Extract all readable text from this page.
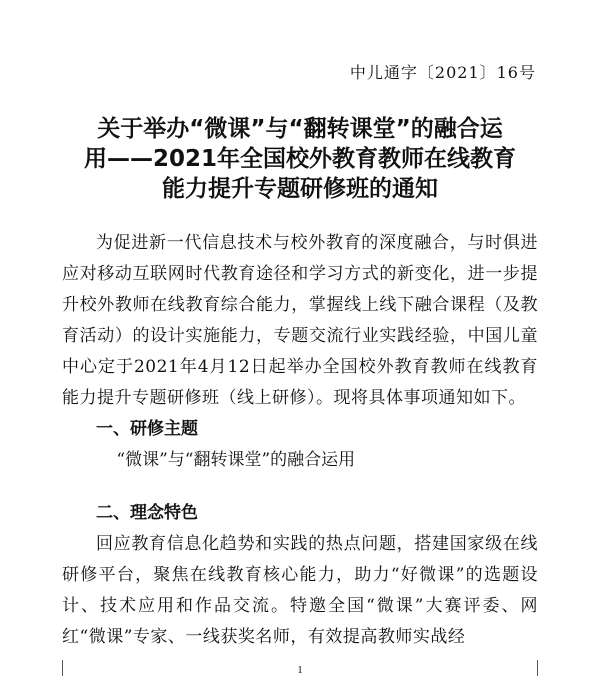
中儿通字〔2021〕16号
关于举办“微课”与“翻转课堂”的融合运
用——2021年全国校外教育教师在线教育
能力提升专题研修班的通知

为促进新一代信息技术与校外教育的深度融合，与时俱进应对移动互联网时代教育途径和学习方式的新变化，进一步提升校外教师在线教育综合能力，掌握线上线下融合课程（及教育活动）的设计实施能力，专题交流行业实践经验，中国儿童中心定于2021年4月12日起举办全国校外教育教师在线教育能力提升专题研修班（线上研修）。现将具体事项通知如下。

一、研修主题

“微课”与“翻转课堂”的融合运用

二、理念特色

回应教育信息化趋势和实践的热点问题，搭建国家级在线研修平台，聚焦在线教育核心能力，助力“好微课”的选题设计、技术应用和作品交流。特邀全国“微课”大赛评委、网红“微课”专家、一线获奖名师，有效提高教师实战经

1
